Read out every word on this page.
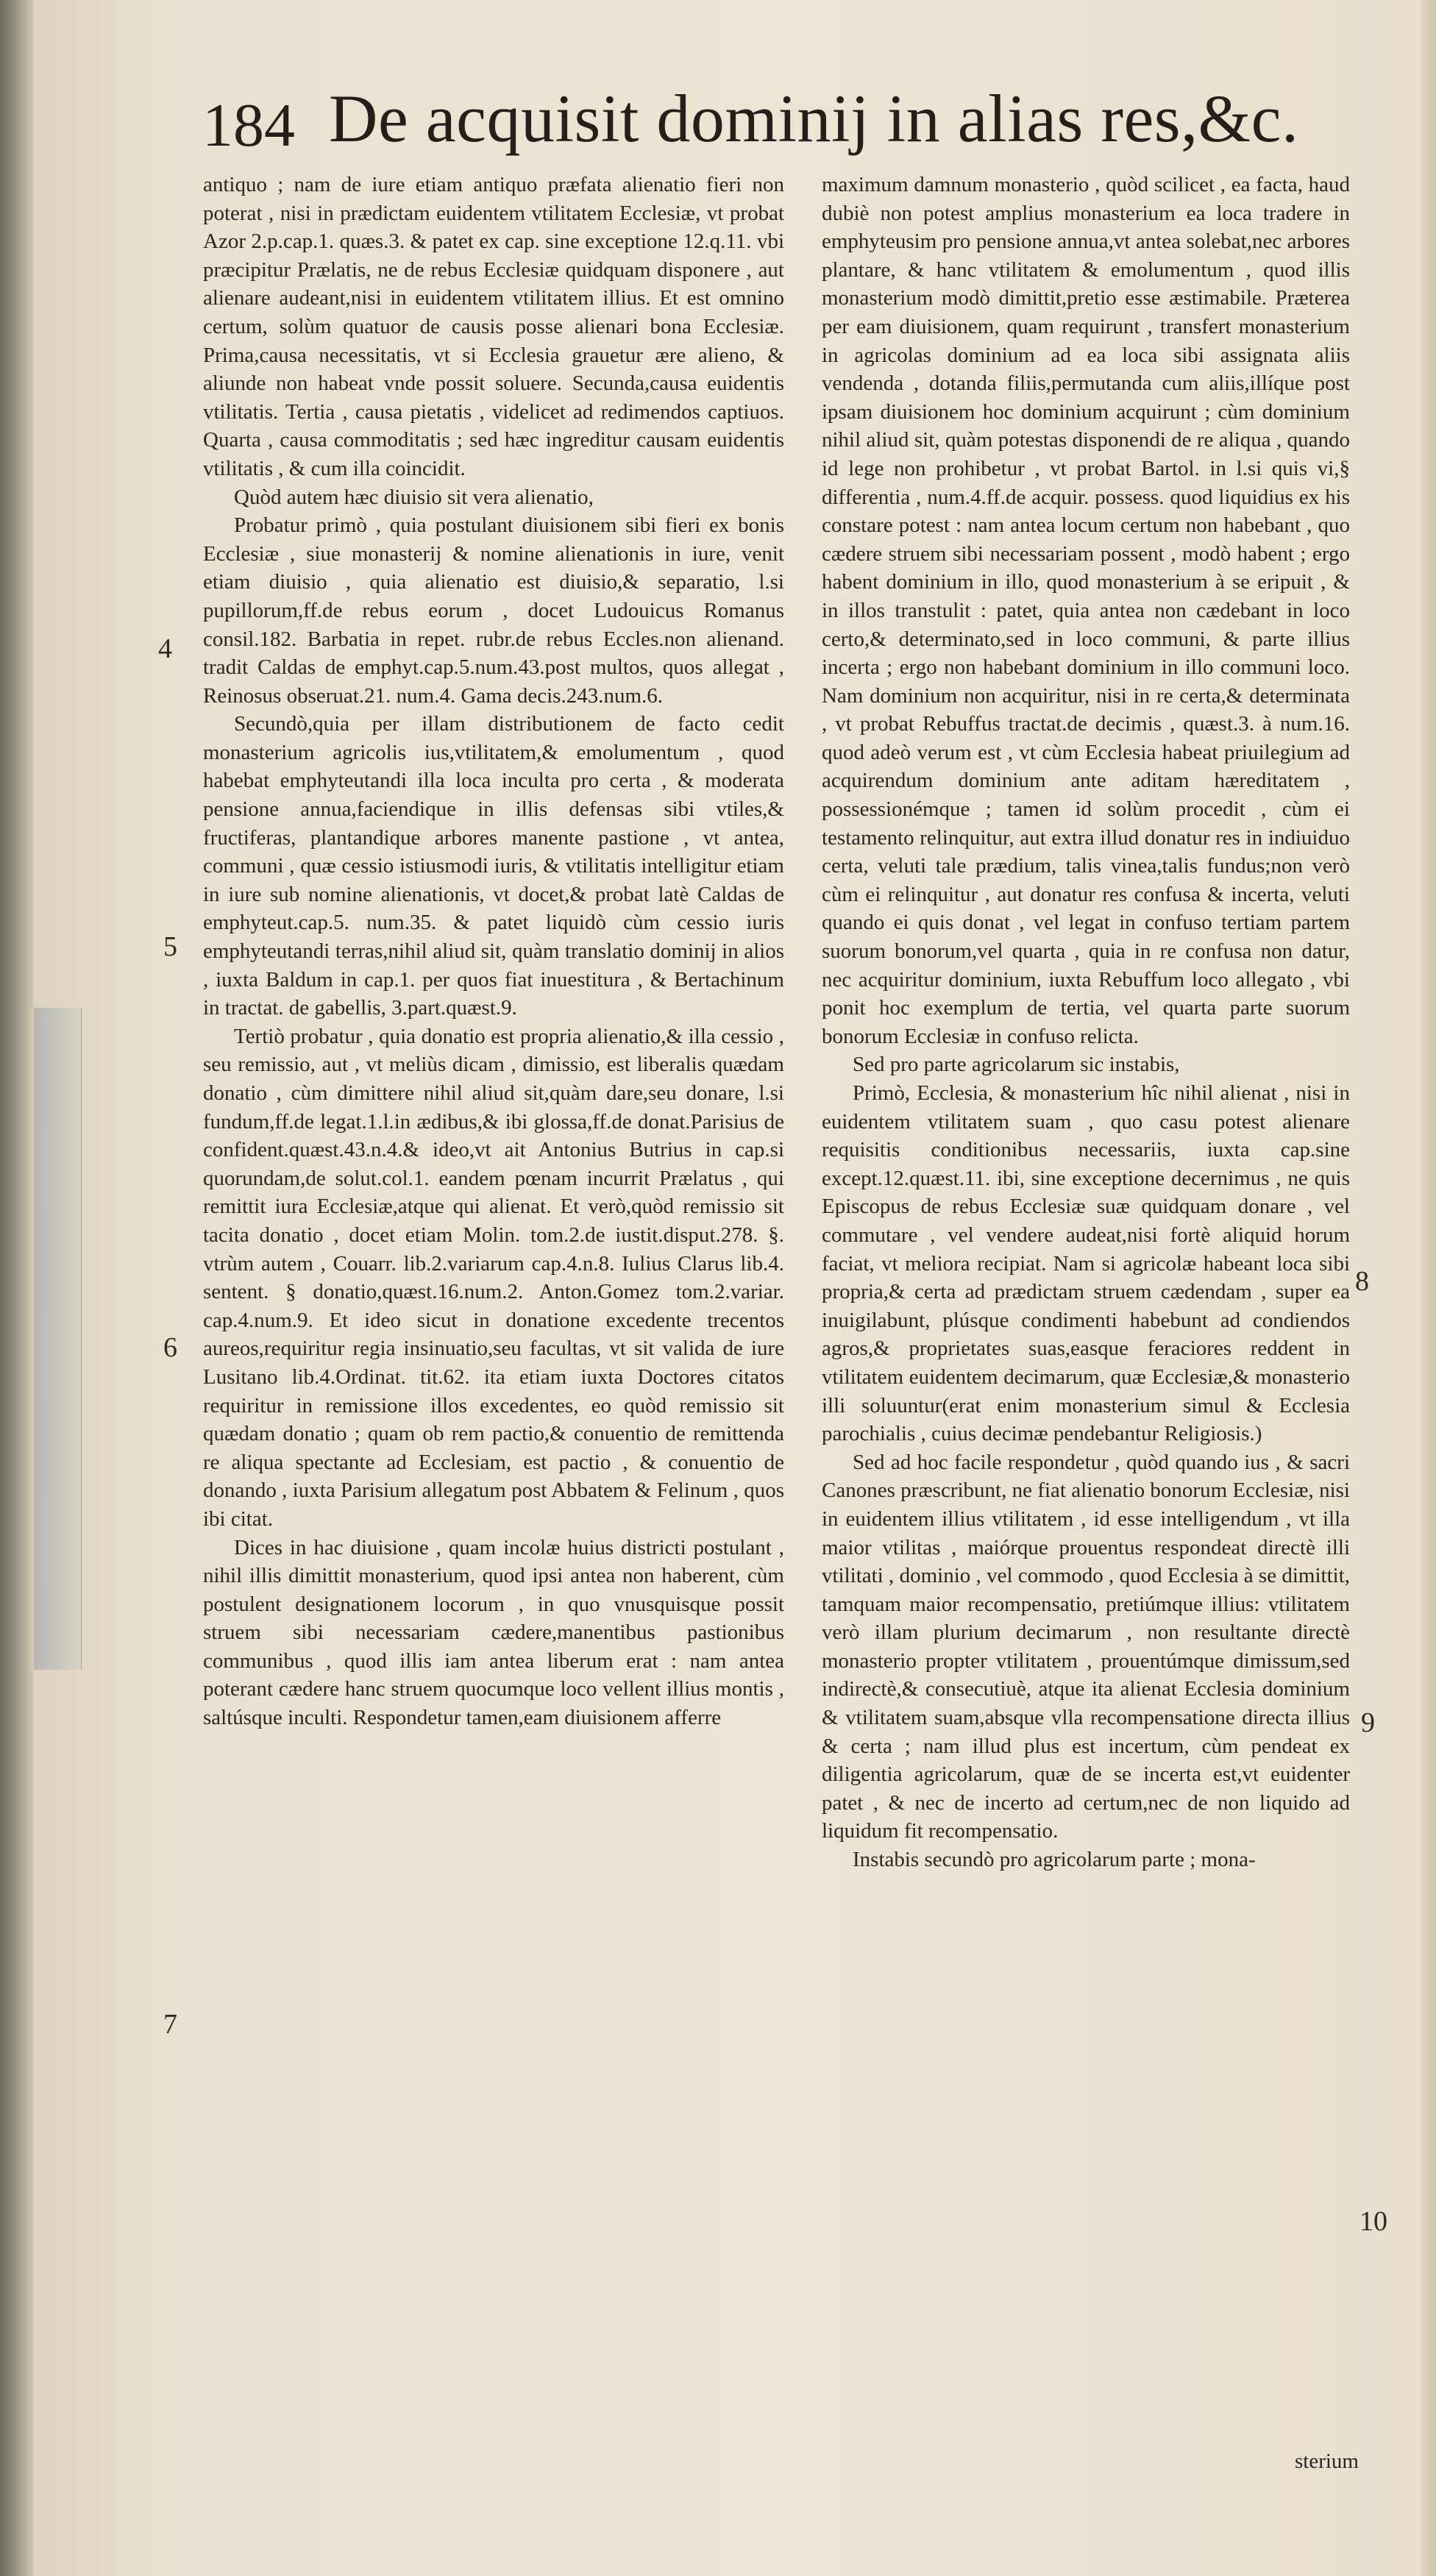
184 De acquisit dominij in alias res,&c.

antiquo ; nam de iure etiam antiquo præfata alienatio fieri non poterat , nisi in prædictam euidentem vtilitatem Ecclesiæ, vt probat Azor 2.p.cap.1. quæs.3. & patet ex cap. sine exceptione 12.q.11. vbi præcipitur Prælatis, ne de rebus Ecclesiæ quidquam disponere , aut alienare audeant,nisi in euidentem vtilitatem illius. Et est omnino certum, solùm quatuor de causis posse alienari bona Ecclesiæ. Prima,causa necessitatis, vt si Ecclesia grauetur ære alieno, & aliunde non habeat vnde possit soluere. Secunda,causa euidentis vtilitatis. Tertia , causa pietatis , videlicet ad redimendos captiuos. Quarta , causa commoditatis ; sed hæc ingreditur causam euidentis vtilitatis , & cum illa coincidit.

Quòd autem hæc diuisio sit vera alienatio,

Probatur primò , quia postulant diuisionem sibi fieri ex bonis Ecclesiæ , siue monasterij & nomine alienationis in iure, venit etiam diuisio , quia alienatio est diuisio,& separatio, l.si pupillorum,ff.de rebus eorum , docet Ludouicus Romanus consil.182. Barbatia in repet. rubr.de rebus Eccles.non alienand. tradit Caldas de emphyt.cap.5.num.43.post multos, quos allegat , Reinosus obseruat.21. num.4. Gama decis.243.num.6.

Secundò,quia per illam distributionem de facto cedit monasterium agricolis ius,vtilitatem,& emolumentum , quod habebat emphyteutandi illa loca inculta pro certa , & moderata pensione annua,faciendique in illis defensas sibi vtiles,& fructiferas, plantandique arbores manente pastione , vt antea, communi , quæ cessio istiusmodi iuris, & vtilitatis intelligitur etiam in iure sub nomine alienationis, vt docet,& probat latè Caldas de emphyteut.cap.5. num.35. & patet liquidò cùm cessio iuris emphyteutandi terras,nihil aliud sit, quàm translatio dominij in alios , iuxta Baldum in cap.1. per quos fiat inuestitura , & Bertachinum in tractat. de gabellis, 3.part.quæst.9.

Tertiò probatur , quia donatio est propria alienatio,& illa cessio , seu remissio, aut , vt meliùs dicam , dimissio, est liberalis quædam donatio , cùm dimittere nihil aliud sit,quàm dare,seu donare, l.si fundum,ff.de legat.1.l.in ædibus,& ibi glossa,ff.de donat.Parisius de confident.quæst.43.n.4.& ideo,vt ait Antonius Butrius in cap.si quorundam,de solut.col.1. eandem pœnam incurrit Prælatus , qui remittit iura Ecclesiæ,atque qui alienat. Et verò,quòd remissio sit tacita donatio , docet etiam Molin. tom.2.de iustit.disput.278. §. vtrùm autem , Couarr. lib.2.variarum cap.4.n.8. Iulius Clarus lib.4. sentent. § donatio,quæst.16.num.2. Anton.Gomez tom.2.variar. cap.4.num.9. Et ideo sicut in donatione excedente trecentos aureos,requiritur regia insinuatio,seu facultas, vt sit valida de iure Lusitano lib.4.Ordinat. tit.62. ita etiam iuxta Doctores citatos requiritur in remissione illos excedentes, eo quòd remissio sit quædam donatio ; quam ob rem pactio,& conuentio de remittenda re aliqua spectante ad Ecclesiam, est pactio , & conuentio de donando , iuxta Parisium allegatum post Abbatem & Felinum , quos ibi citat.

Dices in hac diuisione , quam incolæ huius districti postulant , nihil illis dimittit monasterium, quod ipsi antea non haberent, cùm postulent designationem locorum , in quo vnusquisque possit struem sibi necessariam cædere,manentibus pastionibus communibus , quod illis iam antea liberum erat : nam antea poterant cædere hanc struem quocumque loco vellent illius montis , saltúsque inculti. Respondetur tamen,eam diuisionem afferre

maximum damnum monasterio , quòd scilicet , ea facta, haud dubiè non potest amplius monasterium ea loca tradere in emphyteusim pro pensione annua,vt antea solebat,nec arbores plantare, & hanc vtilitatem & emolumentum , quod illis monasterium modò dimittit,pretio esse æstimabile. Præterea per eam diuisionem, quam requirunt , transfert monasterium in agricolas dominium ad ea loca sibi assignata aliis vendenda , dotanda filiis,permutanda cum aliis,illíque post ipsam diuisionem hoc dominium acquirunt ; cùm dominium nihil aliud sit, quàm potestas disponendi de re aliqua , quando id lege non prohibetur , vt probat Bartol. in l.si quis vi,§ differentia , num.4.ff.de acquir. possess. quod liquidius ex his constare potest : nam antea locum certum non habebant , quo cædere struem sibi necessariam possent , modò habent ; ergo habent dominium in illo, quod monasterium à se eripuit , & in illos transtulit : patet, quia antea non cædebant in loco certo,& determinato,sed in loco communi, & parte illius incerta ; ergo non habebant dominium in illo communi loco. Nam dominium non acquiritur, nisi in re certa,& determinata , vt probat Rebuffus tractat.de decimis , quæst.3. à num.16. quod adeò verum est , vt cùm Ecclesia habeat priuilegium ad acquirendum dominium ante aditam hæreditatem , possessionémque ; tamen id solùm procedit , cùm ei testamento relinquitur, aut extra illud donatur res in indiuiduo certa, veluti tale prædium, talis vinea,talis fundus;non verò cùm ei relinquitur , aut donatur res confusa & incerta, veluti quando ei quis donat , vel legat in confuso tertiam partem suorum bonorum,vel quarta , quia in re confusa non datur, nec acquiritur dominium, iuxta Rebuffum loco allegato , vbi ponit hoc exemplum de tertia, vel quarta parte suorum bonorum Ecclesiæ in confuso relicta.

Sed pro parte agricolarum sic instabis,

Primò, Ecclesia, & monasterium hîc nihil alienat , nisi in euidentem vtilitatem suam , quo casu potest alienare requisitis conditionibus necessariis, iuxta cap.sine except.12.quæst.11. ibi, sine exceptione decernimus , ne quis Episcopus de rebus Ecclesiæ suæ quidquam donare , vel commutare , vel vendere audeat,nisi fortè aliquid horum faciat, vt meliora recipiat. Nam si agricolæ habeant loca sibi propria,& certa ad prædictam struem cædendam , super ea inuigilabunt, plúsque condimenti habebunt ad condiendos agros,& proprietates suas,easque feraciores reddent in vtilitatem euidentem decimarum, quæ Ecclesiæ,& monasterio illi soluuntur(erat enim monasterium simul & Ecclesia parochialis , cuius decimæ pendebantur Religiosis.)

Sed ad hoc facile respondetur , quòd quando ius , & sacri Canones præscribunt, ne fiat alienatio bonorum Ecclesiæ, nisi in euidentem illius vtilitatem , id esse intelligendum , vt illa maior vtilitas , maiórque prouentus respondeat directè illi vtilitati , dominio , vel commodo , quod Ecclesia à se dimittit, tamquam maior recompensatio, pretiúmque illius: vtilitatem verò illam plurium decimarum , non resultante directè monasterio propter vtilitatem , prouentúmque dimissum,sed indirectè,& consecutiuè, atque ita alienat Ecclesia dominium & vtilitatem suam,absque vlla recompensatione directa illius & certa ; nam illud plus est incertum, cùm pendeat ex diligentia agricolarum, quæ de se incerta est,vt euidenter patet , & nec de incerto ad certum,nec de non liquido ad liquidum fit recompensatio.

Instabis secundò pro agricolarum parte ; mona-

sterium
4
5
6
7
8
9
10
